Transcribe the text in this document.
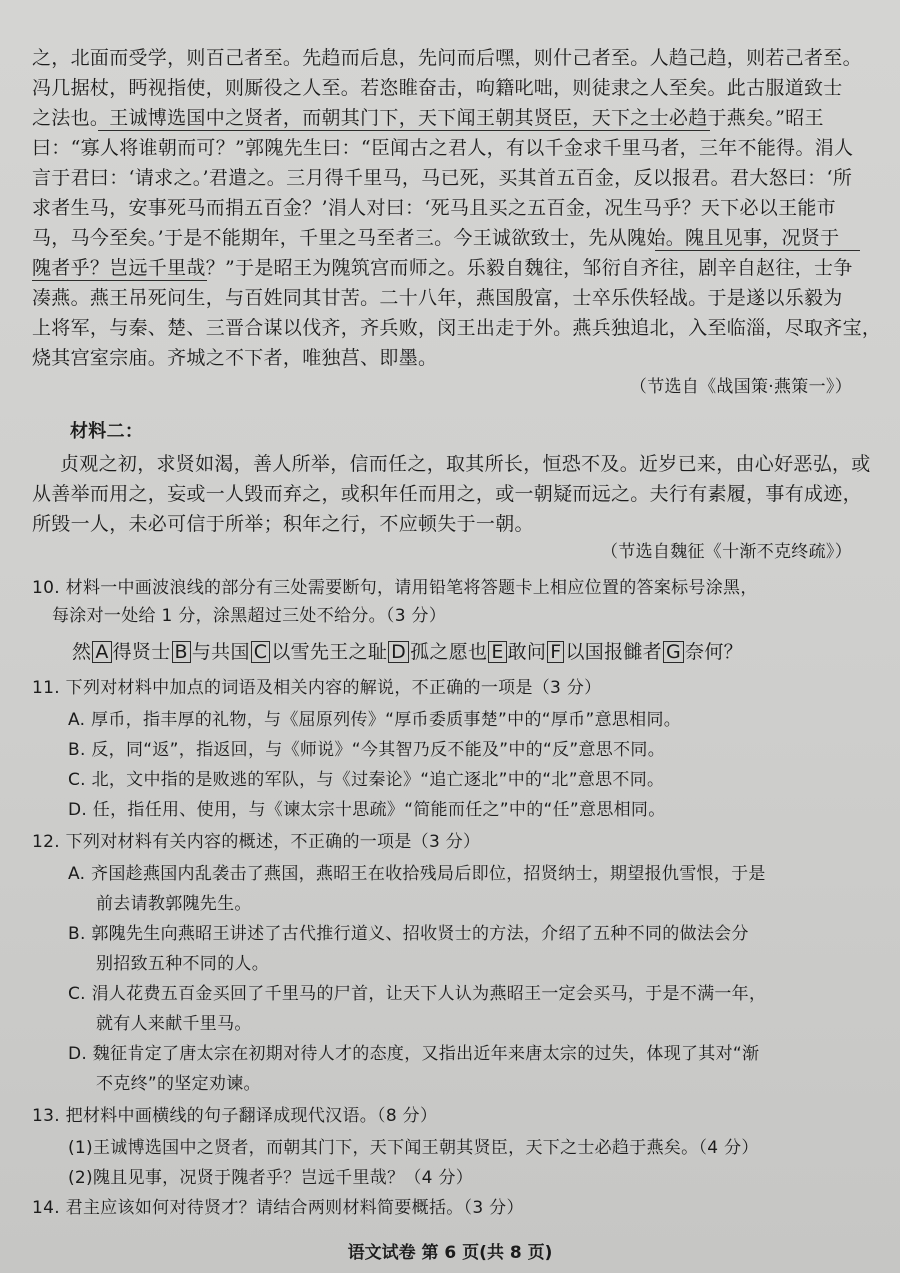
之，北面而受学，则百己者至。先趋而后息，先问而后嘿，则什己者至。人趋己趋，则若己者至。
冯几据杖，眄视指使，则厮役之人至。若恣睢奋击，呴籍叱咄，则徒隶之人至矣。此古服道致士
之法也。王诚博选国中之贤者，而朝其门下，天下闻王朝其贤臣，天下之士必趋于燕矣。”昭王
曰：“寡人将谁朝而可？”郭隗先生曰：“臣闻古之君人，有以千金求千里马者，三年不能得。涓人
言于君曰：‘请求之。’君遣之。三月得千里马，马已死，买其首五百金，反以报君。君大怒曰：‘所
求者生马，安事死马而捐五百金？’涓人对曰：‘死马且买之五百金，况生马乎？天下必以王能市
马，马今至矣。’于是不能期年，千里之马至者三。今王诚欲致士，先从隗始。隗且见事，况贤于
隗者乎？岂远千里哉？”于是昭王为隗筑宫而师之。乐毅自魏往，邹衍自齐往，剧辛自赵往，士争
凑燕。燕王吊死问生，与百姓同其甘苦。二十八年，燕国殷富，士卒乐佚轻战。于是遂以乐毅为
上将军，与秦、楚、三晋合谋以伐齐，齐兵败，闵王出走于外。燕兵独追北，入至临淄，尽取齐宝，
烧其宫室宗庙。齐城之不下者，唯独莒、即墨。
（节选自《战国策·燕策一》）
材料二：
贞观之初，求贤如渴，善人所举，信而任之，取其所长，恒恐不及。近岁已来，由心好恶弘，或
从善举而用之，妄或一人毁而弃之，或积年任而用之，或一朝疑而远之。夫行有素履，事有成迹，
所毁一人，未必可信于所举；积年之行，不应顿失于一朝。
（节选自魏征《十渐不克终疏》）
10. 材料一中画波浪线的部分有三处需要断句，请用铅笔将答题卡上相应位置的答案标号涂黑，
每涂对一处给 1 分，涂黑超过三处不给分。（3 分）
然 A 得贤士 B 与共国 C 以雪先王之耻 D 孤之愿也 E 敢问 F 以国报雠者 G 奈何？
11. 下列对材料中加点的词语及相关内容的解说，不正确的一项是（3 分）
A. 厚币，指丰厚的礼物，与《屈原列传》“厚币委质事楚”中的“厚币”意思相同。
B. 反，同“返”，指返回，与《师说》“今其智乃反不能及”中的“反”意思不同。
C. 北，文中指的是败逃的军队，与《过秦论》“追亡逐北”中的“北”意思不同。
D. 任，指任用、使用，与《谏太宗十思疏》“简能而任之”中的“任”意思相同。
12. 下列对材料有关内容的概述，不正确的一项是（3 分）
A. 齐国趁燕国内乱袭击了燕国，燕昭王在收拾残局后即位，招贤纳士，期望报仇雪恨，于是
前去请教郭隗先生。
B. 郭隗先生向燕昭王讲述了古代推行道义、招收贤士的方法，介绍了五种不同的做法会分
别招致五种不同的人。
C. 涓人花费五百金买回了千里马的尸首，让天下人认为燕昭王一定会买马，于是不满一年，
就有人来献千里马。
D. 魏征肯定了唐太宗在初期对待人才的态度，又指出近年来唐太宗的过失，体现了其对“渐
不克终”的坚定劝谏。
13. 把材料中画横线的句子翻译成现代汉语。（8 分）
(1)王诚博选国中之贤者，而朝其门下，天下闻王朝其贤臣，天下之士必趋于燕矣。（4 分）
(2)隗且见事，况贤于隗者乎？岂远千里哉？（4 分）
14. 君主应该如何对待贤才？请结合两则材料简要概括。（3 分）
语文试卷 第 6 页(共 8 页)
